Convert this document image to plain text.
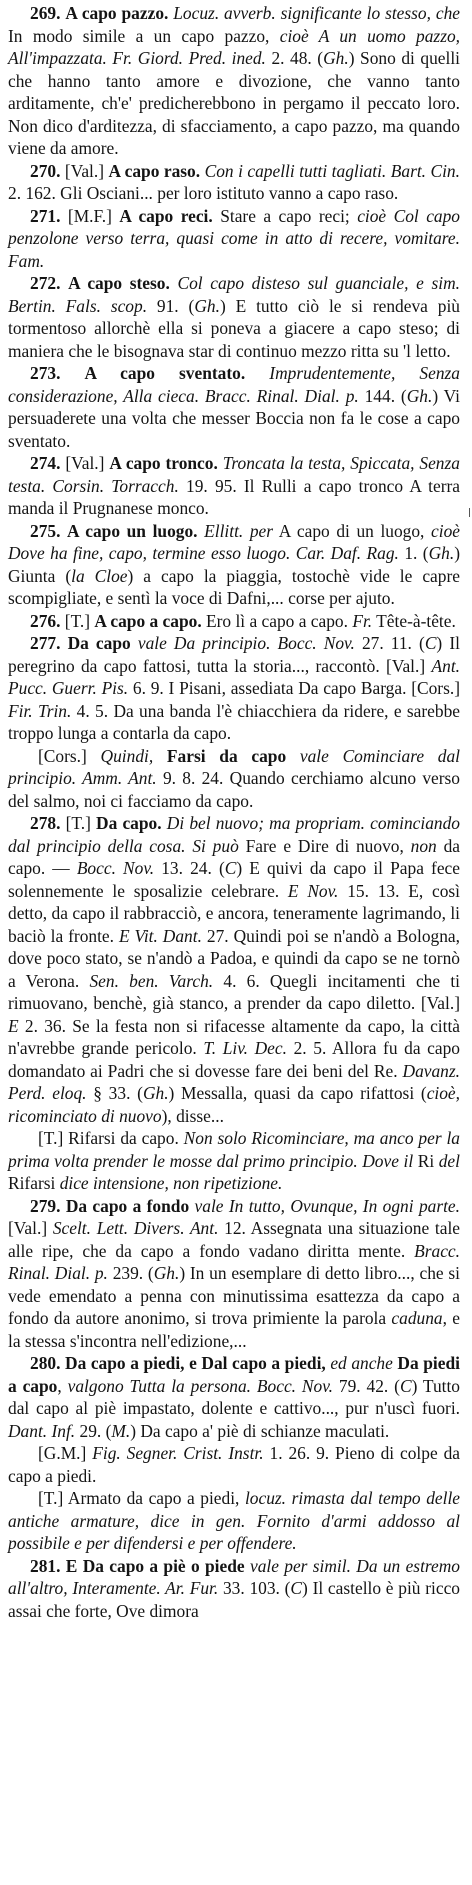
269. A capo pazzo. Locuz. avverb. significante lo stesso, che In modo simile a un capo pazzo, cioè A un uomo pazzo, All'impazzata. Fr. Giord. Pred. ined. 2. 48. (Gh.) Sono di quelli che hanno tanto amore e divozione, che vanno tanto arditamente, ch'e' predicherebbono in pergamo il peccato loro. Non dico d'arditezza, di sfacciamento, a capo pazzo, ma quando viene da amore.

270. [Val.] A capo raso. Con i capelli tutti tagliati. Bart. Cin. 2. 162. Gli Osciani... per loro istituto vanno a capo raso.

271. [M.F.] A capo reci. Stare a capo reci; cioè Col capo penzolone verso terra, quasi come in atto di recere, vomitare. Fam.

272. A capo steso. Col capo disteso sul guanciale, e sim. Bertin. Fals. scop. 91. (Gh.) E tutto ciò le si rendeva più tormentoso allorchè ella si poneva a giacere a capo steso; di maniera che le bisognava star di continuo mezzo ritta su 'l letto.

273. A capo sventato. Imprudentemente, Senza considerazione, Alla cieca. Bracc. Rinal. Dial. p. 144. (Gh.) Vi persuaderete una volta che messer Boccia non fa le cose a capo sventato.

274. [Val.] A capo tronco. Troncata la testa, Spiccata, Senza testa. Corsin. Torracch. 19. 95. Il Rulli a capo tronco A terra manda il Prugnanese monco.

275. A capo un luogo. Ellitt. per A capo di un luogo, cioè Dove ha fine, capo, termine esso luogo. Car. Daf. Rag. 1. (Gh.) Giunta (la Cloe) a capo la piaggia, tostochè vide le capre scompigliate, e sentì la voce di Dafni,... corse per ajuto.

276. [T.] A capo a capo. Ero lì a capo a capo. Fr. Tête-à-tête.

277. Da capo vale Da principio. Bocc. Nov. 27. 11. (C) Il peregrino da capo fattosi, tutta la storia..., raccontò. [Val.] Ant. Pucc. Guerr. Pis. 6. 9. I Pisani, assediata Da capo Barga. [Cors.] Fir. Trin. 4. 5. Da una banda l'è chiacchiera da ridere, e sarebbe troppo lunga a contarla da capo.

[Cors.] Quindi, Farsi da capo vale Cominciare dal principio. Amm. Ant. 9. 8. 24. Quando cerchiamo alcuno verso del salmo, noi ci facciamo da capo.

278. [T.] Da capo. Di bel nuovo; ma propriam. cominciando dal principio della cosa. Si può Fare e Dire di nuovo, non da capo. — Bocc. Nov. 13. 24. (C) E quivi da capo il Papa fece solennemente le sposalizie celebrare. E Nov. 15. 13. E, così detto, da capo il rabbracciò, e ancora, teneramente lagrimando, li baciò la fronte. E Vit. Dant. 27. Quindi poi se n'andò a Bologna, dove poco stato, se n'andò a Padoa, e quindi da capo se ne tornò a Verona. Sen. ben. Varch. 4. 6. Quegli incitamenti che ti rimuovano, benchè, già stanco, a prender da capo diletto. [Val.] E 2. 36. Se la festa non si rifacesse altamente da capo, la città n'avrebbe grande pericolo. T. Liv. Dec. 2. 5. Allora fu da capo domandato ai Padri che si dovesse fare dei beni del Re. Davanz. Perd. eloq. § 33. (Gh.) Messalla, quasi da capo rifattosi (cioè, ricominciato di nuovo), disse...

[T.] Rifarsi da capo. Non solo Ricominciare, ma anco per la prima volta prender le mosse dal primo principio. Dove il Ri del Rifarsi dice intensione, non ripetizione.

279. Da capo a fondo vale In tutto, Ovunque, In ogni parte. [Val.] Scelt. Lett. Divers. Ant. 12. Assegnata una situazione tale alle ripe, che da capo a fondo vadano diritta mente. Bracc. Rinal. Dial. p. 239. (Gh.) In un esemplare di detto libro..., che si vede emendato a penna con minutissima esattezza da capo a fondo da autore anonimo, si trova primiente la parola caduna, e la stessa s'incontra nell'edizione,...

280. Da capo a piedi, e Dal capo a piedi, ed anche Da piedi a capo, valgono Tutta la persona. Bocc. Nov. 79. 42. (C) Tutto dal capo al piè impastato, dolente e cattivo..., pur n'uscì fuori. Dant. Inf. 29. (M.) Da capo a' piè di schianze maculati.

[G.M.] Fig. Segner. Crist. Instr. 1. 26. 9. Pieno di colpe da capo a piedi.

[T.] Armato da capo a piedi, locuz. rimasta dal tempo delle antiche armature, dice in gen. Fornito d'armi addosso al possibile e per difendersi e per offendere.

281. E Da capo a piè o piede vale per simil. Da un estremo all'altro, Interamente. Ar. Fur. 33. 103. (C) Il castello è più ricco assai che forte, Ove dimora
